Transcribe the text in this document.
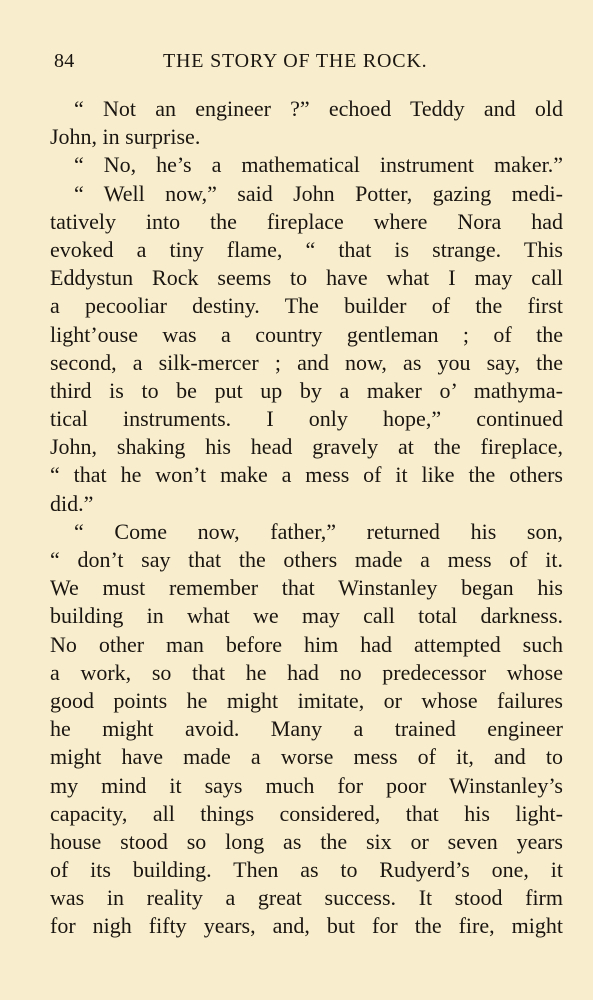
84	THE STORY OF THE ROCK.
“ Not an engineer ?” echoed Teddy and old
John, in surprise.
“ No, he’s a mathematical instrument maker.”
“ Well now,” said John Potter, gazing medi-
tatively into the fireplace where Nora had
evoked a tiny flame, “ that is strange. This
Eddystun Rock seems to have what I may call
a pecooliar destiny. The builder of the first
light’ouse was a country gentleman ; of the
second, a silk-mercer ; and now, as you say, the
third is to be put up by a maker o’ mathyma-
tical instruments. I only hope,” continued
John, shaking his head gravely at the fireplace,
“ that he won’t make a mess of it like the others
did.”
“ Come now, father,” returned his son,
“ don’t say that the others made a mess of it.
We must remember that Winstanley began his
building in what we may call total darkness.
No other man before him had attempted such
a work, so that he had no predecessor whose
good points he might imitate, or whose failures
he might avoid. Many a trained engineer
might have made a worse mess of it, and to
my mind it says much for poor Winstanley’s
capacity, all things considered, that his light-
house stood so long as the six or seven years
of its building. Then as to Rudyerd’s one, it
was in reality a great success. It stood firm
for nigh fifty years, and, but for the fire, might
